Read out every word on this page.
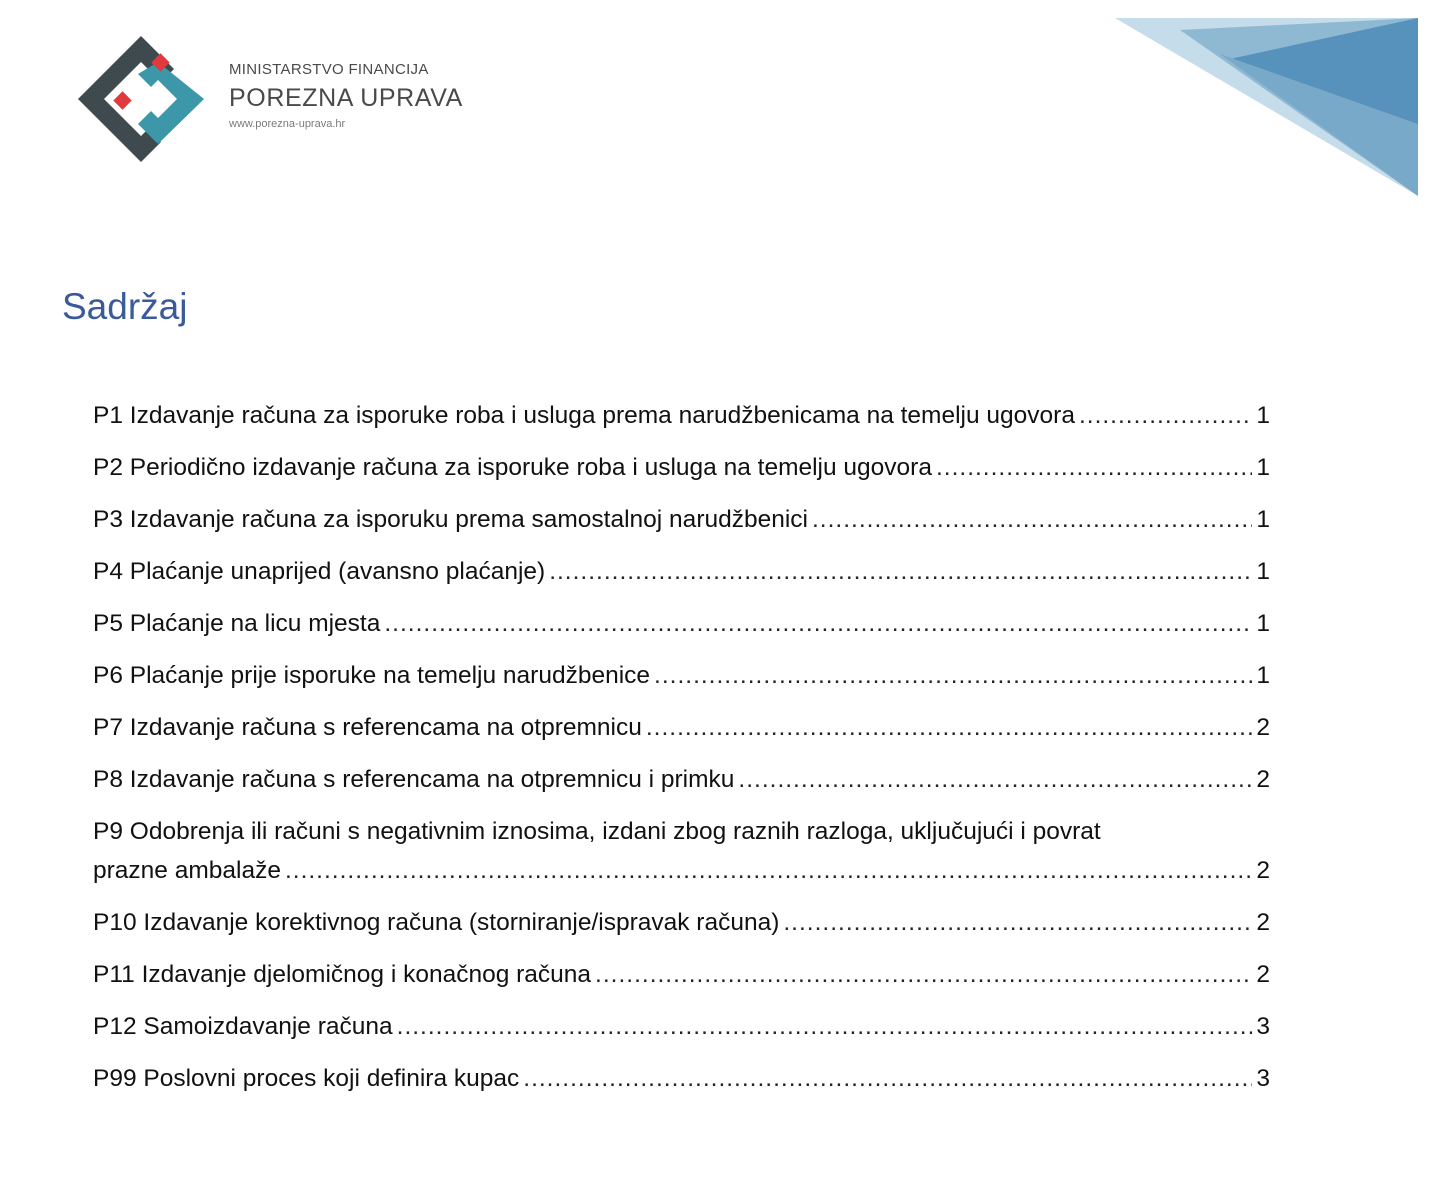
MINISTARSTVO FINANCIJA
POREZNA UPRAVA
www.porezna-uprava.hr
Sadržaj
P1 Izdavanje računa za isporuke roba i usluga prema narudžbenicama na temelju ugovora .....	1
P2 Periodično izdavanje računa za isporuke roba i usluga na temelju ugovora .....	1
P3 Izdavanje računa za isporuku prema samostalnoj narudžbenici .....	1
P4 Plaćanje unaprijed (avansno plaćanje) .....	1
P5 Plaćanje na licu mjesta .....	1
P6 Plaćanje prije isporuke na temelju narudžbenice .....	1
P7 Izdavanje računa s referencama na otpremnicu .....	2
P8 Izdavanje računa s referencama na otpremnicu i primku .....	2
P9 Odobrenja ili računi s negativnim iznosima, izdani zbog raznih razloga, uključujući i povrat
prazne ambalaže .....	2
P10 Izdavanje korektivnog računa (storniranje/ispravak računa) .....	2
P11 Izdavanje djelomičnog i konačnog računa .....	2
P12 Samoizdavanje računa .....	3
P99 Poslovni proces koji definira kupac .....	3
